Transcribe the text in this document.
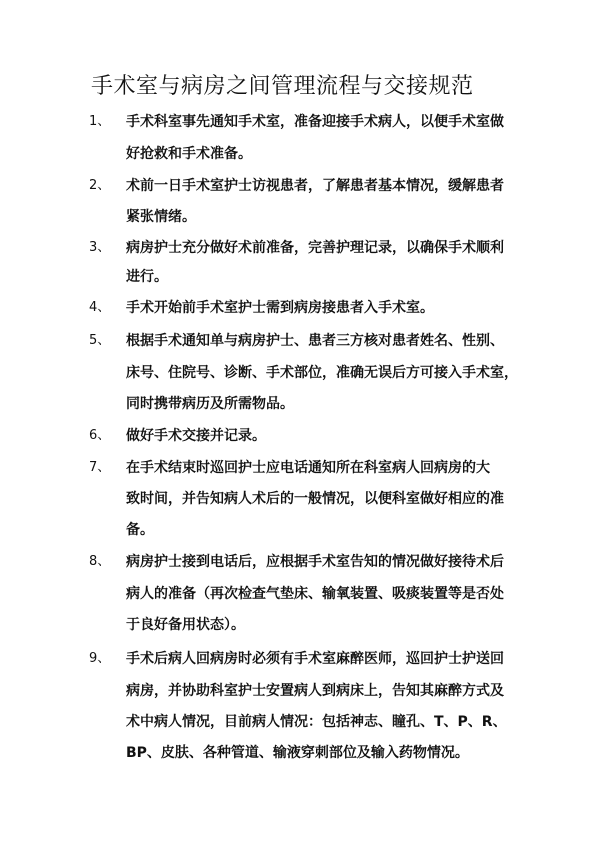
手术室与病房之间管理流程与交接规范
1、	手术科室事先通知手术室，准备迎接手术病人，以便手术室做
好抢救和手术准备。
2、	术前一日手术室护士访视患者，了解患者基本情况，缓解患者
紧张情绪。
3、	病房护士充分做好术前准备，完善护理记录，以确保手术顺利
进行。
4、	手术开始前手术室护士需到病房接患者入手术室。
5、	根据手术通知单与病房护士、患者三方核对患者姓名、性别、
床号、住院号、诊断、手术部位，准确无误后方可接入手术室，
同时携带病历及所需物品。
6、	做好手术交接并记录。
7、	在手术结束时巡回护士应电话通知所在科室病人回病房的大
致时间，并告知病人术后的一般情况，以便科室做好相应的准
备。
8、	病房护士接到电话后，应根据手术室告知的情况做好接待术后
病人的准备（再次检查气垫床、输氧装置、吸痰装置等是否处
于良好备用状态）。
9、	手术后病人回病房时必须有手术室麻醉医师，巡回护士护送回
病房，并协助科室护士安置病人到病床上，告知其麻醉方式及
术中病人情况，目前病人情况：包括神志、瞳孔、T、P、R、
BP、皮肤、各种管道、输液穿刺部位及输入药物情况。
